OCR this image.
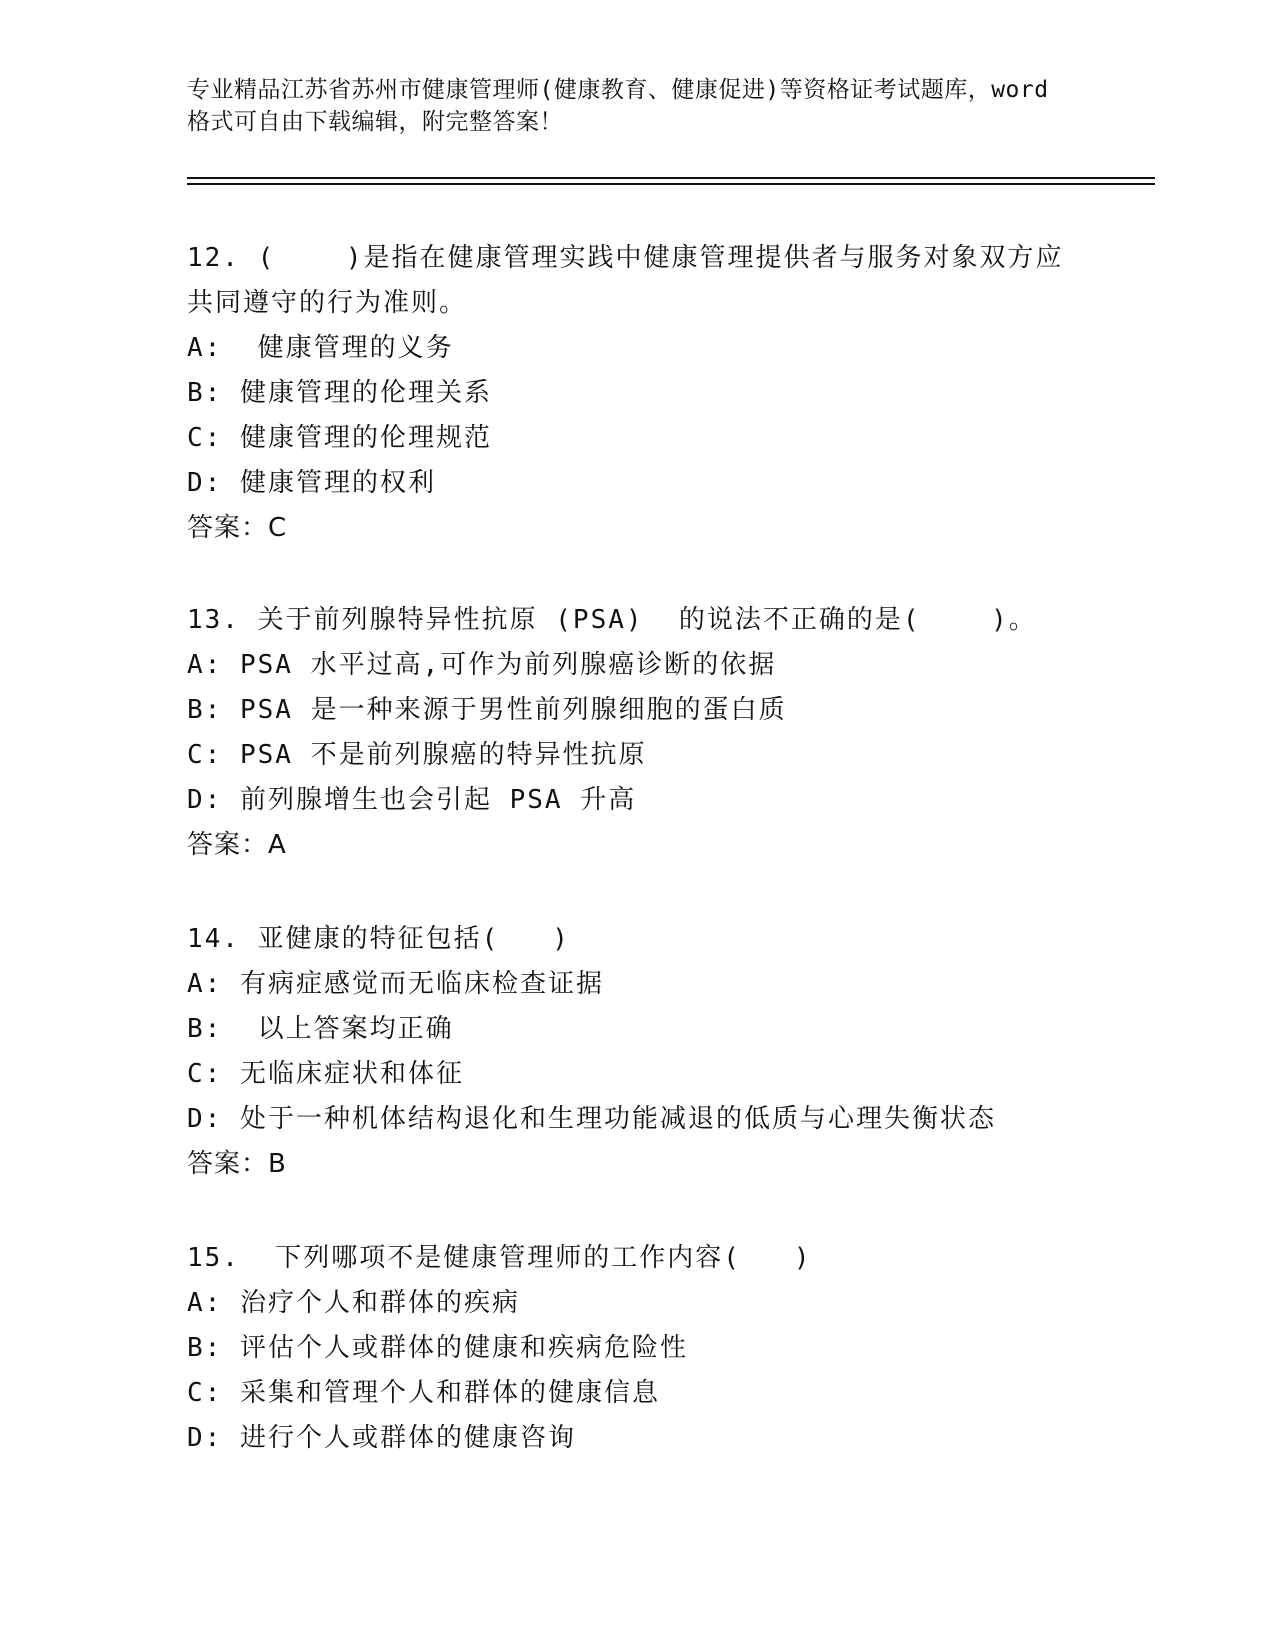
专业精品江苏省苏州市健康管理师(健康教育、健康促进)等资格证考试题库，word
格式可自由下载编辑，附完整答案！
12. (    )是指在健康管理实践中健康管理提供者与服务对象双方应
共同遵守的行为准则。
A:  健康管理的义务
B: 健康管理的伦理关系
C: 健康管理的伦理规范
D: 健康管理的权利
答案：C
13. 关于前列腺特异性抗原 (PSA)  的说法不正确的是(    )。
A: PSA 水平过高,可作为前列腺癌诊断的依据
B: PSA 是一种来源于男性前列腺细胞的蛋白质
C: PSA 不是前列腺癌的特异性抗原
D: 前列腺增生也会引起 PSA 升高
答案：A
14. 亚健康的特征包括(   )
A: 有病症感觉而无临床检查证据
B:  以上答案均正确
C: 无临床症状和体征
D: 处于一种机体结构退化和生理功能减退的低质与心理失衡状态
答案：B
15.  下列哪项不是健康管理师的工作内容(   )
A: 治疗个人和群体的疾病
B: 评估个人或群体的健康和疾病危险性
C: 采集和管理个人和群体的健康信息
D: 进行个人或群体的健康咨询
